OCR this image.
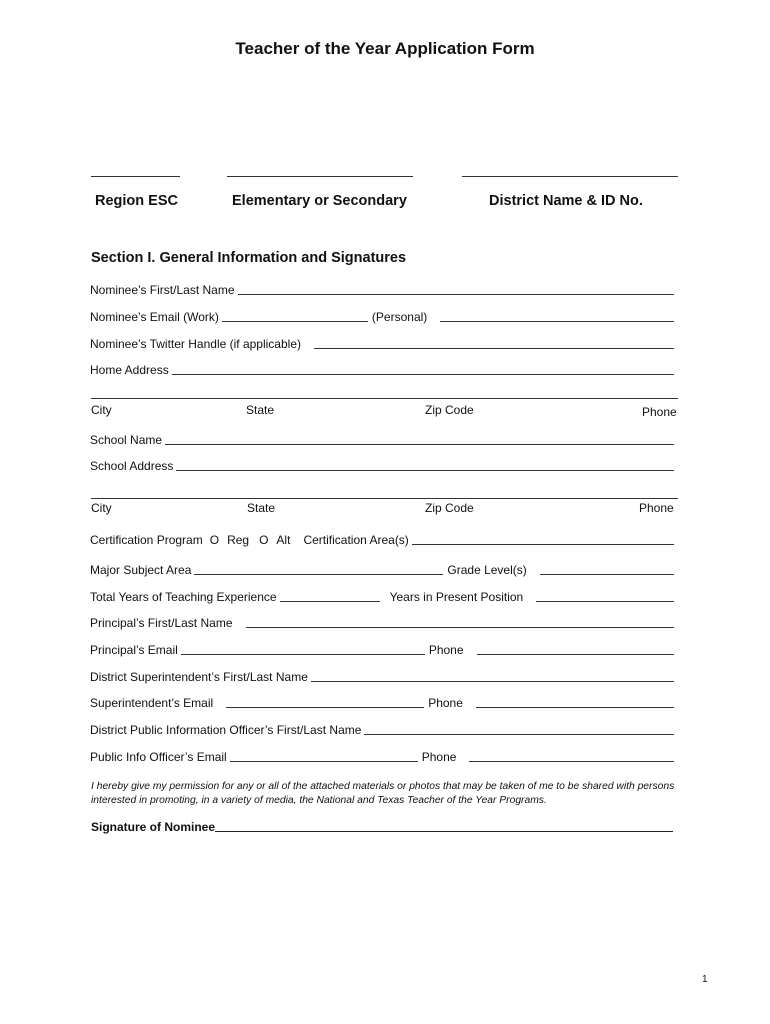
Teacher of the Year Application Form
Region ESC	Elementary or Secondary	District Name & ID No.
Section I. General Information and Signatures
Nominee’s First/Last Name
Nominee’s Email (Work)	(Personal)
Nominee’s Twitter Handle (if applicable)
Home Address
City	State	Zip Code	Phone
School Name
School Address
City	State	Zip Code	Phone
Certification Program O Reg O Alt Certification Area(s)
Major Subject Area	Grade Level(s)
Total Years of Teaching Experience	Years in Present Position
Principal’s First/Last Name
Principal’s Email	Phone
District Superintendent’s First/Last Name
Superintendent’s Email	Phone
District Public Information Officer’s First/Last Name
Public Info Officer’s Email	Phone
I hereby give my permission for any or all of the attached materials or photos that may be taken of me to be shared with persons interested in promoting, in a variety of media, the National and Texas Teacher of the Year Programs.
Signature of Nominee
1
